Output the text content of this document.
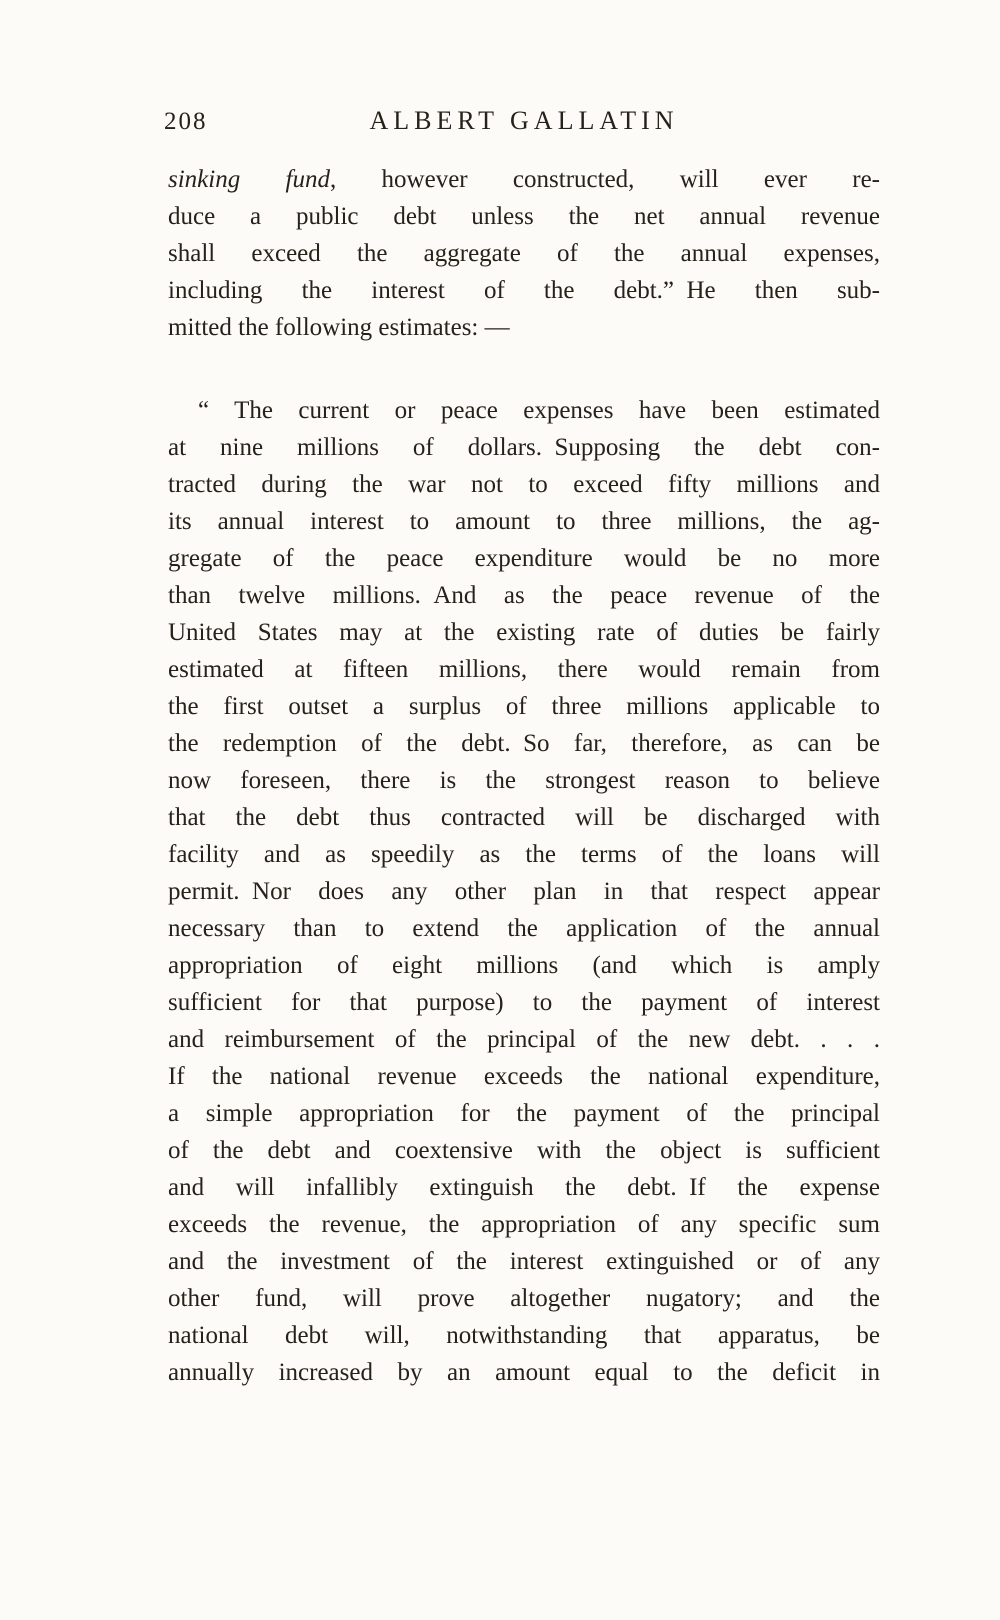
208	ALBERT GALLATIN
sinking fund, however constructed, will ever re-
duce a public debt unless the net annual revenue
shall exceed the aggregate of the annual expenses,
including the interest of the debt.” He then sub-
mitted the following estimates: —
“ The current or peace expenses have been estimated
at nine millions of dollars. Supposing the debt con-
tracted during the war not to exceed fifty millions and
its annual interest to amount to three millions, the ag-
gregate of the peace expenditure would be no more
than twelve millions. And as the peace revenue of the
United States may at the existing rate of duties be fairly
estimated at fifteen millions, there would remain from
the first outset a surplus of three millions applicable to
the redemption of the debt. So far, therefore, as can be
now foreseen, there is the strongest reason to believe
that the debt thus contracted will be discharged with
facility and as speedily as the terms of the loans will
permit. Nor does any other plan in that respect appear
necessary than to extend the application of the annual
appropriation of eight millions (and which is amply
sufficient for that purpose) to the payment of interest
and reimbursement of the principal of the new debt. . . .
If the national revenue exceeds the national expenditure,
a simple appropriation for the payment of the principal
of the debt and coextensive with the object is sufficient
and will infallibly extinguish the debt. If the expense
exceeds the revenue, the appropriation of any specific sum
and the investment of the interest extinguished or of any
other fund, will prove altogether nugatory; and the
national debt will, notwithstanding that apparatus, be
annually increased by an amount equal to the deficit in
